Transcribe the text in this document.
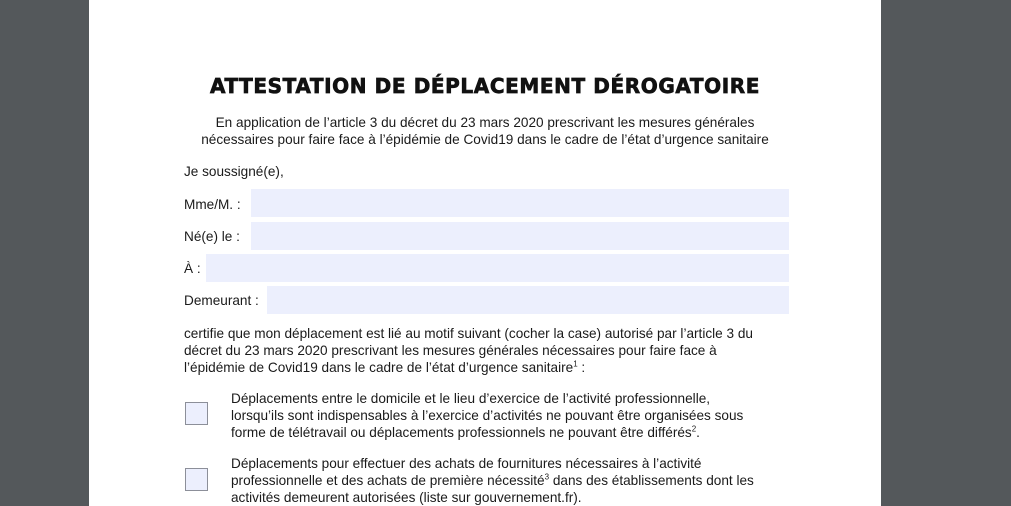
ATTESTATION DE DÉPLACEMENT DÉROGATOIRE
En application de l’article 3 du décret du 23 mars 2020 prescrivant les mesures générales
nécessaires pour faire face à l’épidémie de Covid19 dans le cadre de l’état d’urgence sanitaire
Je soussigné(e),
Mme/M. :
Né(e) le :
À :
Demeurant :
certifie que mon déplacement est lié au motif suivant (cocher la case) autorisé par l’article 3 du
décret du 23 mars 2020 prescrivant les mesures générales nécessaires pour faire face à
l’épidémie de Covid19 dans le cadre de l’état d’urgence sanitaire$^1$ :
Déplacements entre le domicile et le lieu d’exercice de l’activité professionnelle,
lorsqu’ils sont indispensables à l’exercice d’activités ne pouvant être organisées sous
forme de télétravail ou déplacements professionnels ne pouvant être différés$^2$.
Déplacements pour effectuer des achats de fournitures nécessaires à l’activité
professionnelle et des achats de première nécessité$^3$ dans des établissements dont les
activités demeurent autorisées (liste sur gouvernement.fr).
